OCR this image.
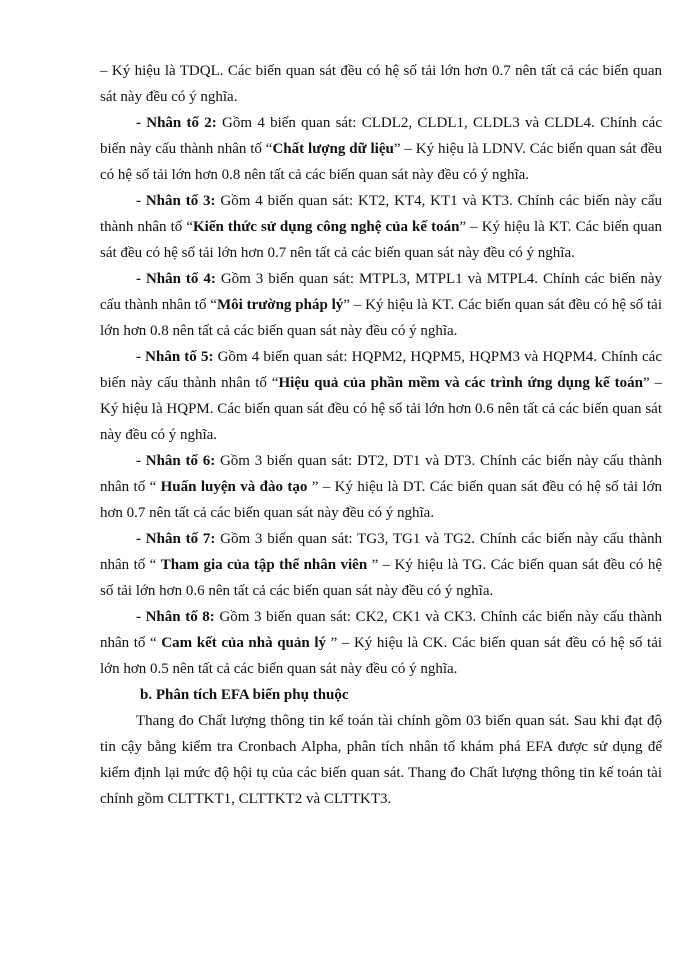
– Ký hiệu là TDQL. Các biến quan sát đều có hệ số tải lớn hơn 0.7 nên tất cả các biến quan sát này đều có ý nghĩa.

- Nhân tố 2: Gồm 4 biến quan sát: CLDL2, CLDL1, CLDL3 và CLDL4. Chính các biến này cấu thành nhân tố “Chất lượng dữ liệu” – Ký hiệu là LDNV. Các biến quan sát đều có hệ số tải lớn hơn 0.8 nên tất cả các biến quan sát này đều có ý nghĩa.

- Nhân tố 3: Gồm 4 biến quan sát: KT2, KT4, KT1 và KT3. Chính các biến này cấu thành nhân tố “Kiến thức sử dụng công nghệ của kế toán” – Ký hiệu là KT. Các biến quan sát đều có hệ số tải lớn hơn 0.7 nên tất cả các biến quan sát này đều có ý nghĩa.

- Nhân tố 4: Gồm 3 biến quan sát: MTPL3, MTPL1 và MTPL4. Chính các biến này cấu thành nhân tố “Môi trường pháp lý” – Ký hiệu là KT. Các biến quan sát đều có hệ số tải lớn hơn 0.8 nên tất cả các biến quan sát này đều có ý nghĩa.

- Nhân tố 5: Gồm 4 biến quan sát: HQPM2, HQPM5, HQPM3 và HQPM4. Chính các biến này cấu thành nhân tố “Hiệu quả của phần mềm và các trình ứng dụng kế toán” – Ký hiệu là HQPM. Các biến quan sát đều có hệ số tải lớn hơn 0.6 nên tất cả các biến quan sát này đều có ý nghĩa.

- Nhân tố 6: Gồm 3 biến quan sát: DT2, DT1 và DT3. Chính các biến này cấu thành nhân tố “ Huấn luyện và đào tạo ” – Ký hiệu là DT. Các biến quan sát đều có hệ số tải lớn hơn 0.7 nên tất cả các biến quan sát này đều có ý nghĩa.

- Nhân tố 7: Gồm 3 biến quan sát: TG3, TG1 và TG2. Chính các biến này cấu thành nhân tố “ Tham gia của tập thể nhân viên ” – Ký hiệu là TG. Các biến quan sát đều có hệ số tải lớn hơn 0.6 nên tất cả các biến quan sát này đều có ý nghĩa.

- Nhân tố 8: Gồm 3 biến quan sát: CK2, CK1 và CK3. Chính các biến này cấu thành nhân tố “ Cam kết của nhà quản lý ” – Ký hiệu là CK. Các biến quan sát đều có hệ số tải lớn hơn 0.5 nên tất cả các biến quan sát này đều có ý nghĩa.

b. Phân tích EFA biến phụ thuộc

Thang đo Chất lượng thông tin kế toán tài chính gồm 03 biến quan sát. Sau khi đạt độ tin cậy bằng kiểm tra Cronbach Alpha, phân tích nhân tố khám phá EFA được sử dụng để kiểm định lại mức độ hội tụ của các biến quan sát. Thang đo Chất lượng thông tin kế toán tài chính gồm CLTTKT1, CLTTKT2 và CLTTKT3.
